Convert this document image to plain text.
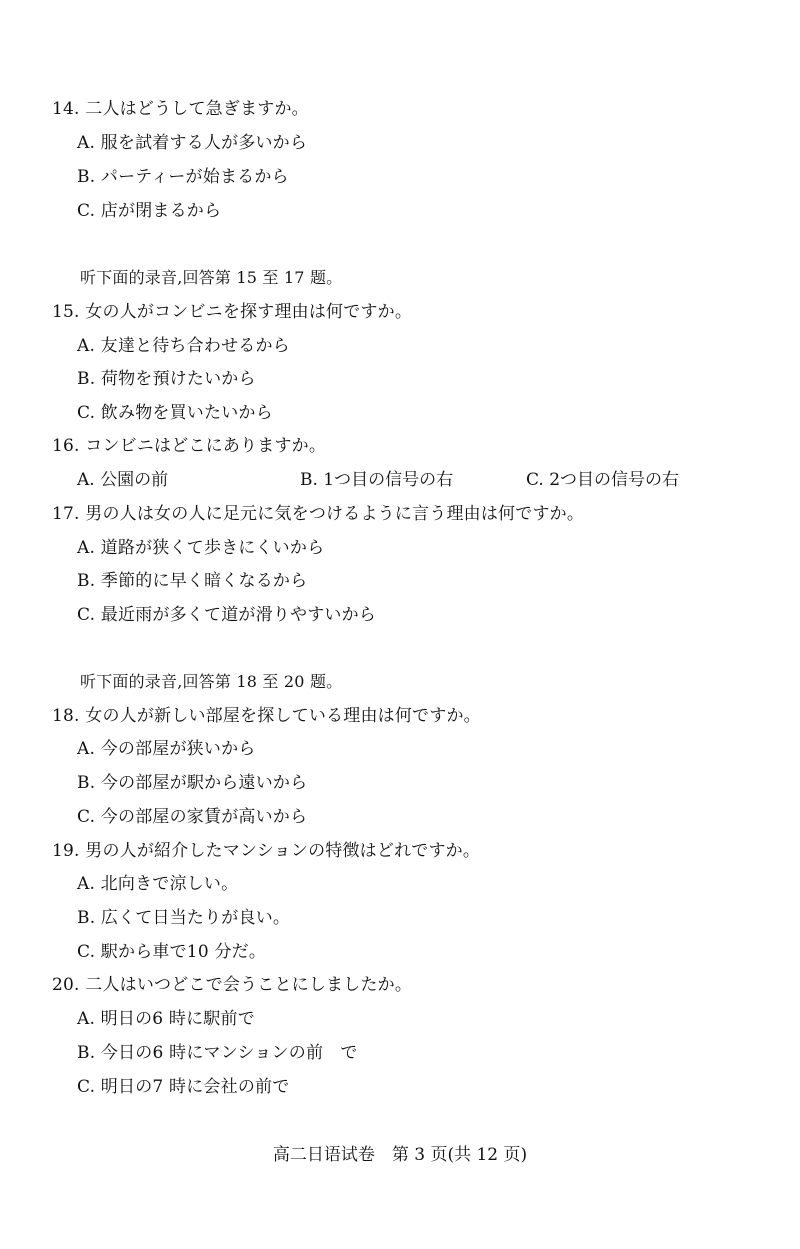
14. 二人はどうして急ぎますか。
A. 服を試着する人が多いから
B. パーティーが始まるから
C. 店が閉まるから
听下面的录音,回答第 15 至 17 题。
15. 女の人がコンビニを探す理由は何ですか。
A. 友達と待ち合わせるから
B. 荷物を預けたいから
C. 飲み物を買いたいから
16. コンビニはどこにありますか。
A. 公園の前	B. 1つ目の信号の右	C. 2つ目の信号の右
17. 男の人は女の人に足元に気をつけるように言う理由は何ですか。
A. 道路が狭くて歩きにくいから
B. 季節的に早く暗くなるから
C. 最近雨が多くて道が滑りやすいから
听下面的录音,回答第 18 至 20 题。
18. 女の人が新しい部屋を探している理由は何ですか。
A. 今の部屋が狭いから
B. 今の部屋が駅から遠いから
C. 今の部屋の家賃が高いから
19. 男の人が紹介したマンションの特徴はどれですか。
A. 北向きで涼しい。
B. 広くて日当たりが良い。
C. 駅から車で10 分だ。
20. 二人はいつどこで会うことにしましたか。
A. 明日の6 時に駅前で
B. 今日の6 時にマンションの前　で
C. 明日の7 時に会社の前で
高二日语试卷　第 3 页(共 12 页)
